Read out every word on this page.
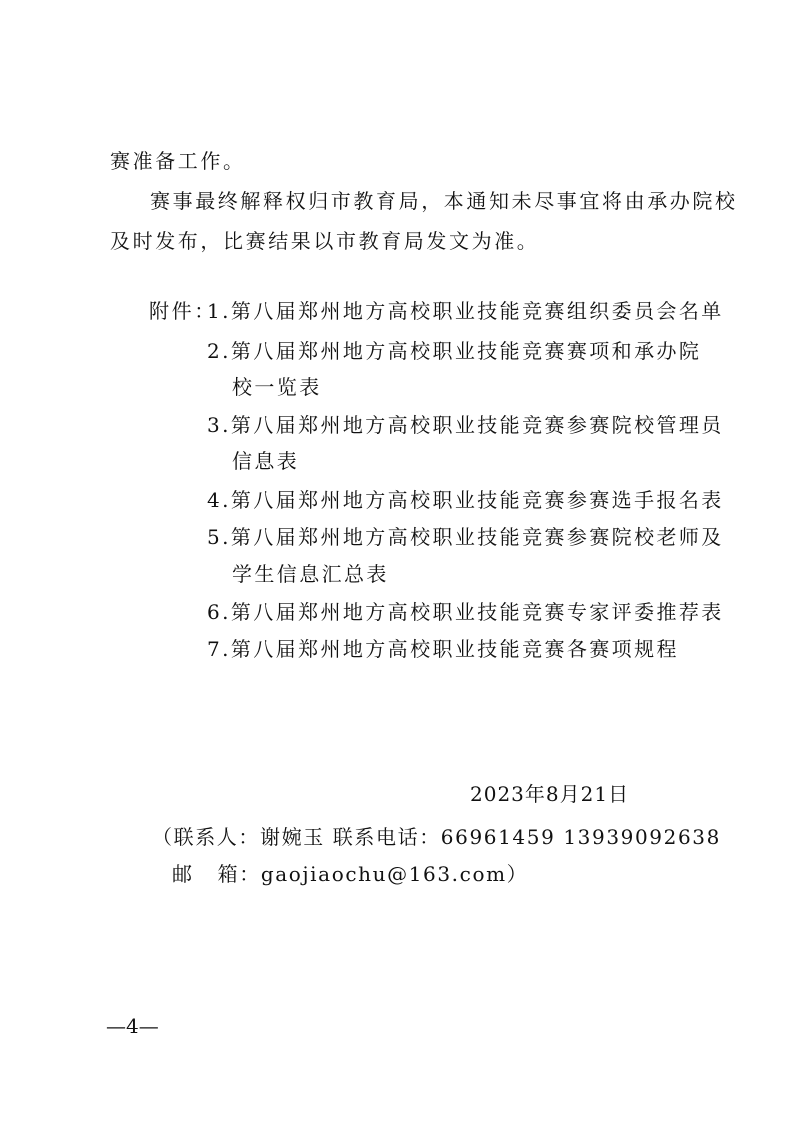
赛准备工作。
赛事最终解释权归市教育局，本通知未尽事宜将由承办院校
及时发布，比赛结果以市教育局发文为准。
附件：
1.第八届郑州地方高校职业技能竞赛组织委员会名单
2.第八届郑州地方高校职业技能竞赛赛项和承办院
校一览表
3.第八届郑州地方高校职业技能竞赛参赛院校管理员
信息表
4.第八届郑州地方高校职业技能竞赛参赛选手报名表
5.第八届郑州地方高校职业技能竞赛参赛院校老师及
学生信息汇总表
6.第八届郑州地方高校职业技能竞赛专家评委推荐表
7.第八届郑州地方高校职业技能竞赛各赛项规程
2023年8月21日
（联系人：谢婉玉 联系电话：66961459 13939092638
邮 箱：gaojiaochu@163.com）
—4—
